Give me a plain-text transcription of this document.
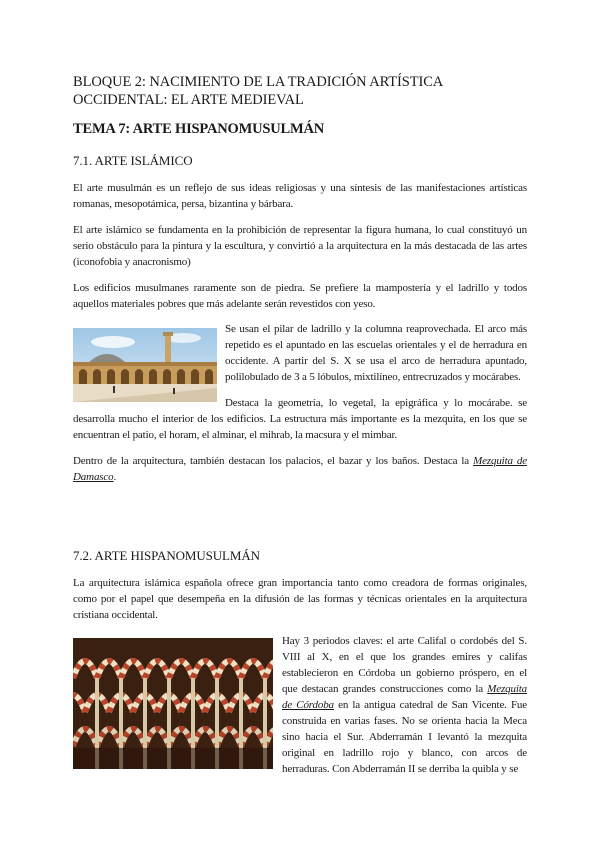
BLOQUE 2: NACIMIENTO DE LA TRADICIÓN ARTÍSTICA OCCIDENTAL: EL ARTE MEDIEVAL
TEMA 7: ARTE HISPANOMUSULMÁN
7.1. ARTE ISLÁMICO
El arte musulmán es un reflejo de sus ideas religiosas y una síntesis de las manifestaciones artísticas romanas, mesopotámica, persa, bizantina y bárbara.
El arte islámico se fundamenta en la prohibición de representar la figura humana, lo cual constituyó un serio obstáculo para la pintura y la escultura, y convirtió a la arquitectura en la más destacada de las artes (iconofobia y anacronismo)
Los edificios musulmanes raramente son de piedra. Se prefiere la mampostería y el ladrillo y todos aquellos materiales pobres que más adelante serán revestidos con yeso.
Se usan el pilar de ladrillo y la columna reaprovechada. El arco más repetido es el apuntado en las escuelas orientales y el de herradura en occidente. A partir del S. X se usa el arco de herradura apuntado, polilobulado de 3 a 5 lóbulos, mixtilíneo, entrecruzados y mocárabes.
Destaca la geometría, lo vegetal, la epigráfica y lo mocárabe. se desarrolla mucho el interior de los edificios. La estructura más importante es la mezquita, en los que se encuentran el patio, el horam, el alminar, el mihrab, la macsura y el mimbar.
Dentro de la arquitectura, también destacan los palacios, el bazar y los baños. Destaca la Mezquita de Damasco.
7.2. ARTE HISPANOMUSULMÁN
La arquitectura islámica española ofrece gran importancia tanto como creadora de formas originales, como por el papel que desempeña en la difusión de las formas y técnicas orientales en la arquitectura cristiana occidental.
Hay 3 periodos claves: el arte Califal o cordobés del S. VIII al X, en el que los grandes emires y califas establecieron en Córdoba un gobierno próspero, en el que destacan grandes construcciones como la Mezquita de Córdoba en la antigua catedral de San Vicente. Fue construida en varias fases. No se orienta hacia la Meca sino hacia el Sur. Abderramán I levantó la mezquita original en ladrillo rojo y blanco, con arcos de herraduras. Con Abderramán II se derriba la quibla y se
